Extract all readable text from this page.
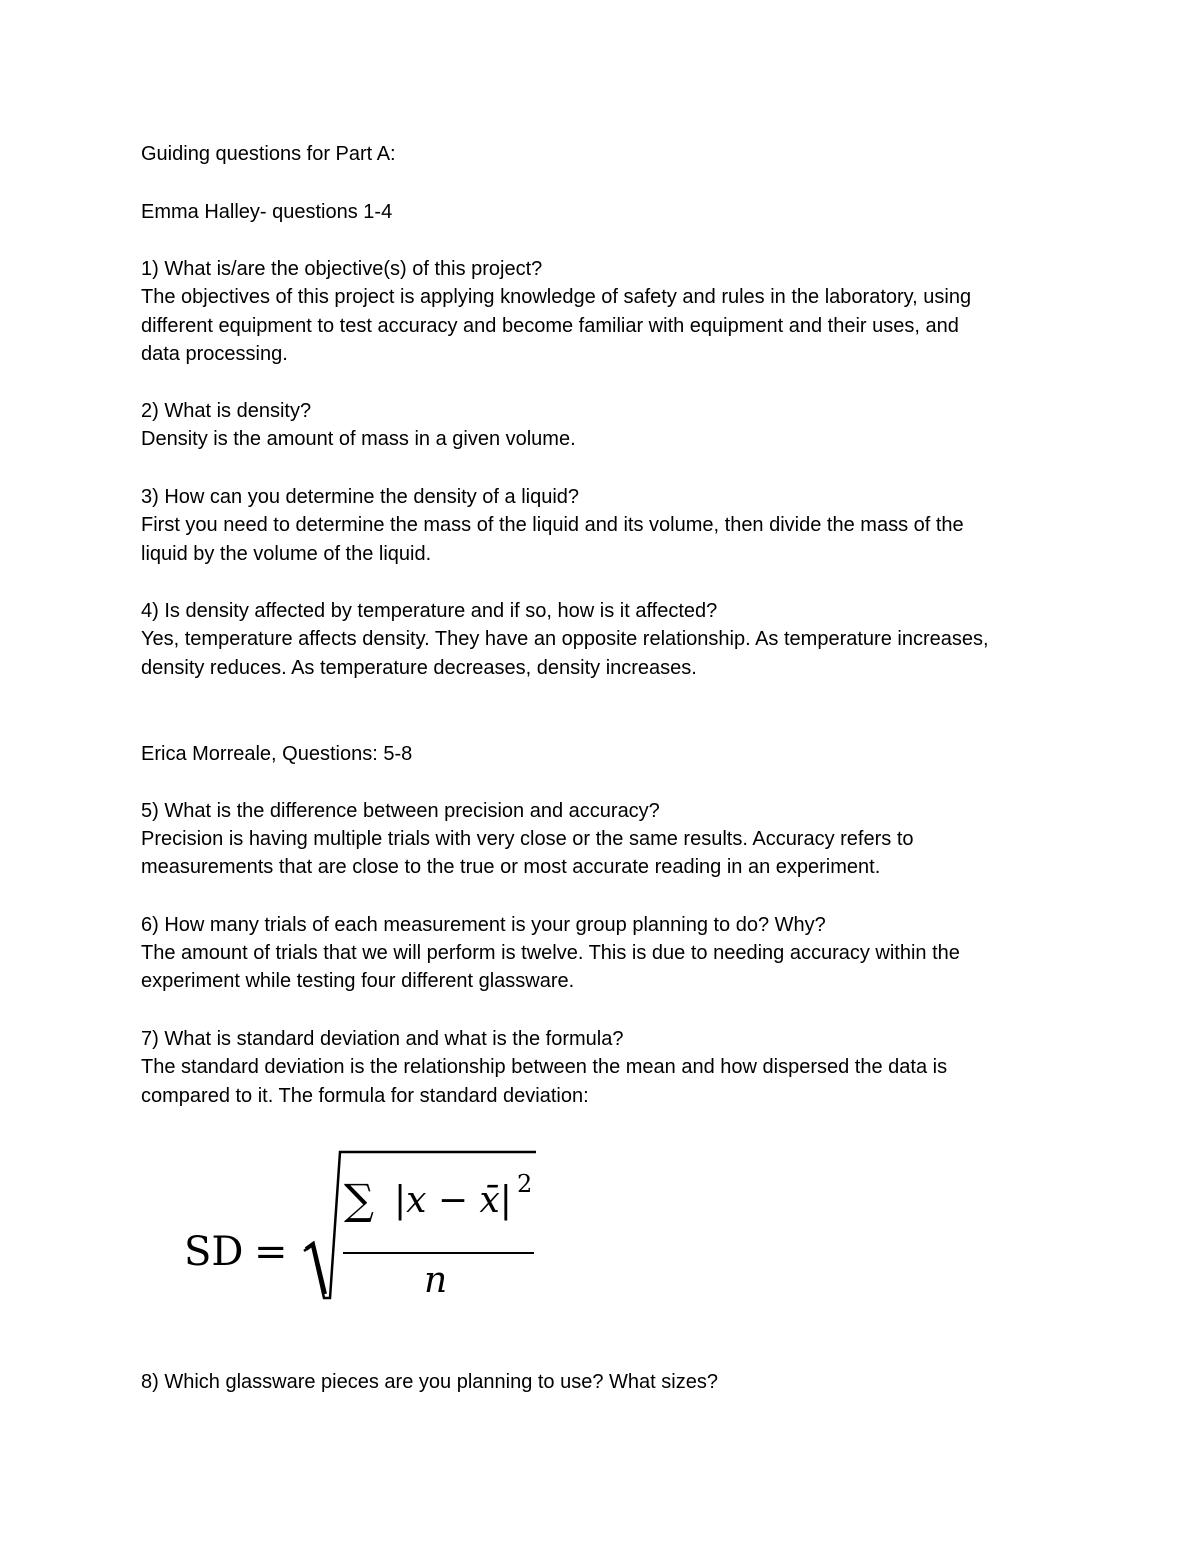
Guiding questions for Part A:
Emma Halley- questions 1-4
1) What is/are the objective(s) of this project?
The objectives of this project is applying knowledge of safety and rules in the laboratory, using
different equipment to test accuracy and become familiar with equipment and their uses, and
data processing.
2) What is density?
Density is the amount of mass in a given volume.
3) How can you determine the density of a liquid?
First you need to determine the mass of the liquid and its volume, then divide the mass of the
liquid by the volume of the liquid.
4) Is density affected by temperature and if so, how is it affected?
Yes, temperature affects density. They have an opposite relationship. As temperature increases,
density reduces. As temperature decreases, density increases.
Erica Morreale, Questions: 5-8
5) What is the difference between precision and accuracy?
Precision is having multiple trials with very close or the same results. Accuracy refers to
measurements that are close to the true or most accurate reading in an experiment.
6) How many trials of each measurement is your group planning to do? Why?
The amount of trials that we will perform is twelve. This is due to needing accuracy within the
experiment while testing four different glassware.
7) What is standard deviation and what is the formula?
The standard deviation is the relationship between the mean and how dispersed the data is
compared to it. The formula for standard deviation:
SD =
∑ |x − x̄| 2
n
8) Which glassware pieces are you planning to use? What sizes?
